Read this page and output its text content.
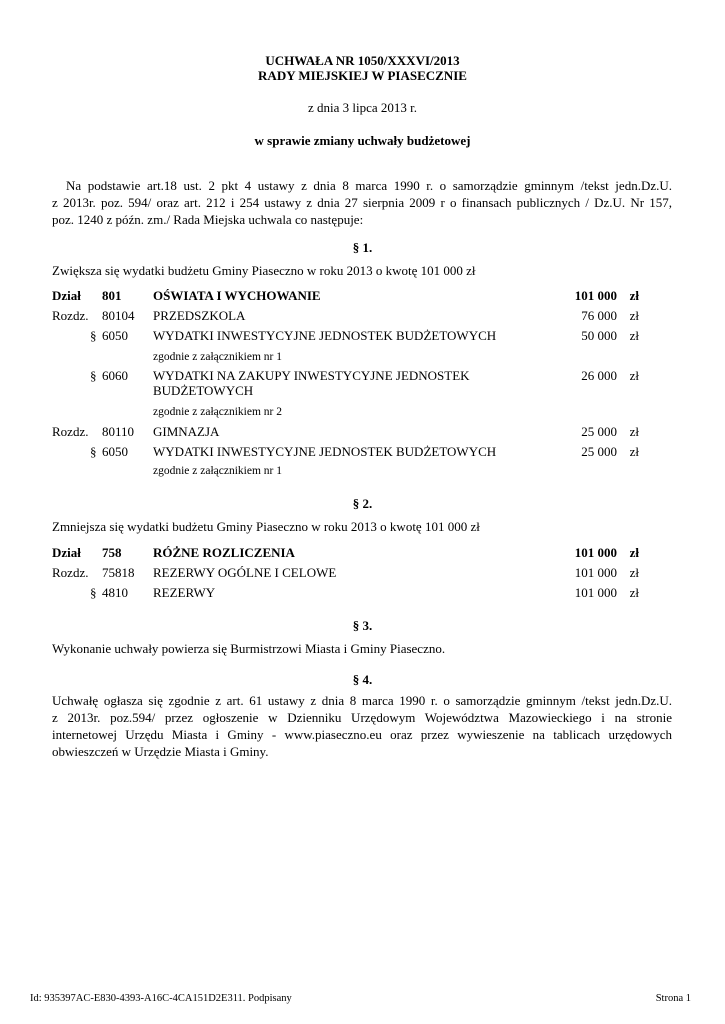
UCHWAŁA NR 1050/XXXVI/2013
RADY MIEJSKIEJ W PIASECZNIE
z dnia 3 lipca 2013 r.
w sprawie zmiany uchwały budżetowej
Na podstawie art.18 ust. 2 pkt 4 ustawy z dnia 8 marca 1990 r. o samorządzie gminnym /tekst jedn.Dz.U.
z 2013r. poz. 594/ oraz art. 212 i 254 ustawy z dnia 27 sierpnia 2009 r o finansach publicznych / Dz.U. Nr 157,
poz. 1240 z późn. zm./ Rada Miejska uchwala co następuje:
§ 1.
Zwiększa się wydatki budżetu Gminy Piaseczno w roku 2013 o kwotę 101 000 zł
Dział 801 OŚWIATA I WYCHOWANIE	101 000 zł
Rozdz. 80104 PRZEDSZKOLA	76 000 zł
§ 6050 WYDATKI INWESTYCYJNE JEDNOSTEK BUDŻETOWYCH	50 000 zł
zgodnie z załącznikiem nr 1
§ 6060 WYDATKI NA ZAKUPY INWESTYCYJNE JEDNOSTEK BUDŻETOWYCH
26 000 zł
zgodnie z załącznikiem nr 2
Rozdz. 80110 GIMNAZJA	25 000 zł
§ 6050 WYDATKI INWESTYCYJNE JEDNOSTEK BUDŻETOWYCH	25 000 zł
zgodnie z załącznikiem nr 1
§ 2.
Zmniejsza się wydatki budżetu Gminy Piaseczno w roku 2013 o kwotę 101 000 zł
Dział 758 RÓŻNE ROZLICZENIA	101 000 zł
Rozdz. 75818 REZERWY OGÓLNE I CELOWE	101 000 zł
§ 4810 REZERWY	101 000 zł
§ 3.
Wykonanie uchwały powierza się Burmistrzowi Miasta i Gminy Piaseczno.
§ 4.
Uchwałę ogłasza się zgodnie z art. 61 ustawy z dnia 8 marca 1990 r. o samorządzie gminnym /tekst jedn.Dz.U.
z 2013r. poz.594/ przez ogłoszenie w Dzienniku Urzędowym Województwa Mazowieckiego i na stronie
internetowej Urzędu Miasta i Gminy - www.piaseczno.eu oraz przez wywieszenie na tablicach urzędowych
obwieszczeń w Urzędzie Miasta i Gminy.
Id: 935397AC-E830-4393-A16C-4CA151D2E311. Podpisany	Strona 1
